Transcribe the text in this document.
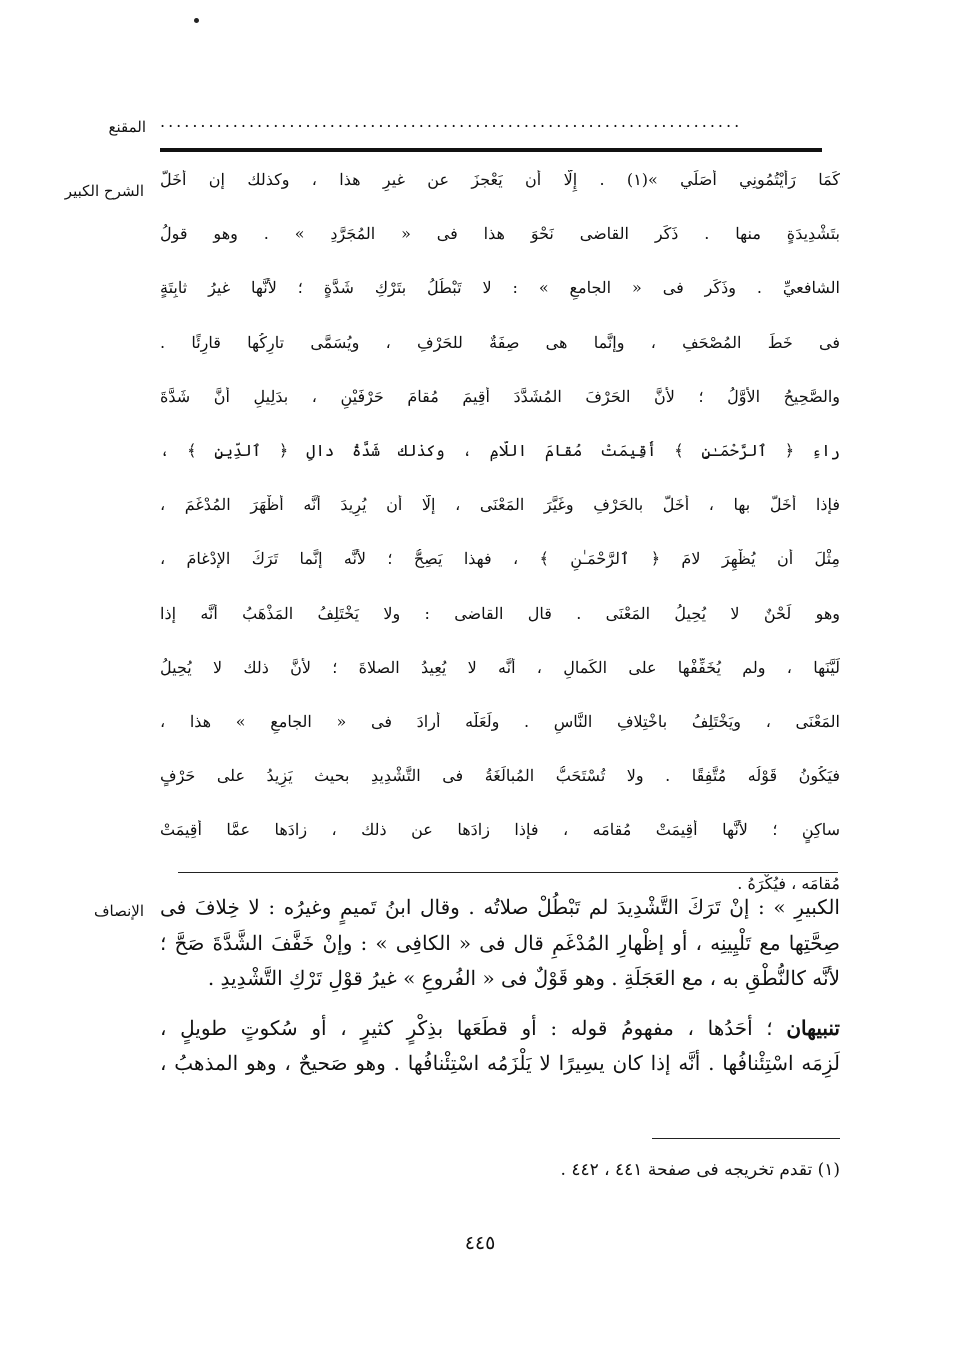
المقنع ........................................................................
الشرح الكبير
كَمَا رَأَيْتُمُونِي أُصَلِّي »(١) . إِلَّا أن يَعْجزَ عن غيرِ هذا ، وكذلك إن أخَلَّ
بتَشْدِيدَةٍ منها . ذَكَر القاضى نَحْوَ هذا فى « المُجَرَّدِ » . وهو قولُ
الشافعيِّ . وذَكَر فى « الجامعِ » : لا تَبْطُلُ بتَرْكِ شَدَّةٍ ؛ لأنَّها غيرُ ثابِتَةٍ
فى خَطِّ المُصْحَفِ ، وإنَّما هى صِفَةٌ للحَرْفِ ، ويُسَمَّى تارِكُها قارِئًا .
والصَّحِيحُ الأوَّلُ ؛ لأنَّ الحَرْفَ المُشَدَّدَ أُقِيمَ مُقامَ حَرْفَيْنِ ، بدَلِيلِ أنَّ شَدَّةَ
راءِ ﴿ ٱلرَّحْمَـٰنِ ﴾ أُقِيمَتْ مُقامَ اللَّامِ ، وكذلك شَدَّةُ دالِ ﴿ ٱلدِّينِ ﴾ ،
فإذا أخَلَّ بها ، أخَلَّ بالحَرْفِ وغَيَّرَ المَعْنَى ، إلَّا أن يُرِيدَ أنَّه أظْهَرَ المُدْغَمَ ،
مِثْلَ أن يُظْهِرَ لامَ ﴿ ٱلرَّحْمَـٰنِ ﴾ ، فهذا يَصِحُّ ؛ لأنَّه إنَّما تَرَكَ الإدْغامَ ،
وهو لَحْنٌ لا يُحِيلُ المَعْنَى . قال القاضى : ولا يَخْتَلِفُ المَذْهَبُ أنَّه إذا
لَيَّنَها ، ولم يُخَفِّفْها على الكَمالِ ، أنَّه لا يُعِيدُ الصلاةَ ؛ لأنَّ ذلك لا يُحِيلُ
المَعْنَى ، ويَخْتَلِفُ باخْتِلافِ النَّاسِ . ولَعَلَّه أرادَ فى « الجامعِ » هذا ،
فيَكُونُ قَوْلُه مُتَّفِقًا . ولا تُسْتَحَبُّ المُبالَغَةُ فى التَّشْدِيدِ بحيث يَزِيدُ على حَرْفٍ
ساكِنٍ ؛ لأنَّها أُقِيمَتْ مُقامَه ، فإذا زادَها عن ذلك ، زادَها عمَّا أُقِيمَتْ
مُقامَه ، فيُكْرَهُ .
الإنصاف الكبيرِ » : إنْ تَرَكَ التَّشْدِيدَ لم تَبْطُلْ صلاتُه . وقال ابنُ تَميمٍ وغيرُه : لا خِلافَ فى
صِحَّتِها مع تَلْيِينِه ، أو إظْهارِ المُدْغَمِ قال فى « الكافِى » : وإنْ خَفَّفَ الشَّدَّةَ صَحَّ ؛
لأنَّه كالنُّطْقِ به ، مع العَجَلَةِ . وهو قَوْلٌ فى « الفُروعِ » غيرُ قوْلِ تَرْكِ التَّشْدِيدِ .
تنبيهان ؛ أحَدُها ، مفهومُ قوله : أو قطَعَها بذِكْرٍ كثيرٍ ، أو سُكوتٍ طويلٍ ،
لَزِمَه اسْتِئْنافُها . أنَّه إذا كان يسِيرًا لا يَلْزَمُه اسْتِئْنافُها . وهو صَحيحٌ ، وهو المذهبُ ،
(١) تقدم تخريجه فى صفحة ٤٤١ ، ٤٤٢ .
٤٤٥
